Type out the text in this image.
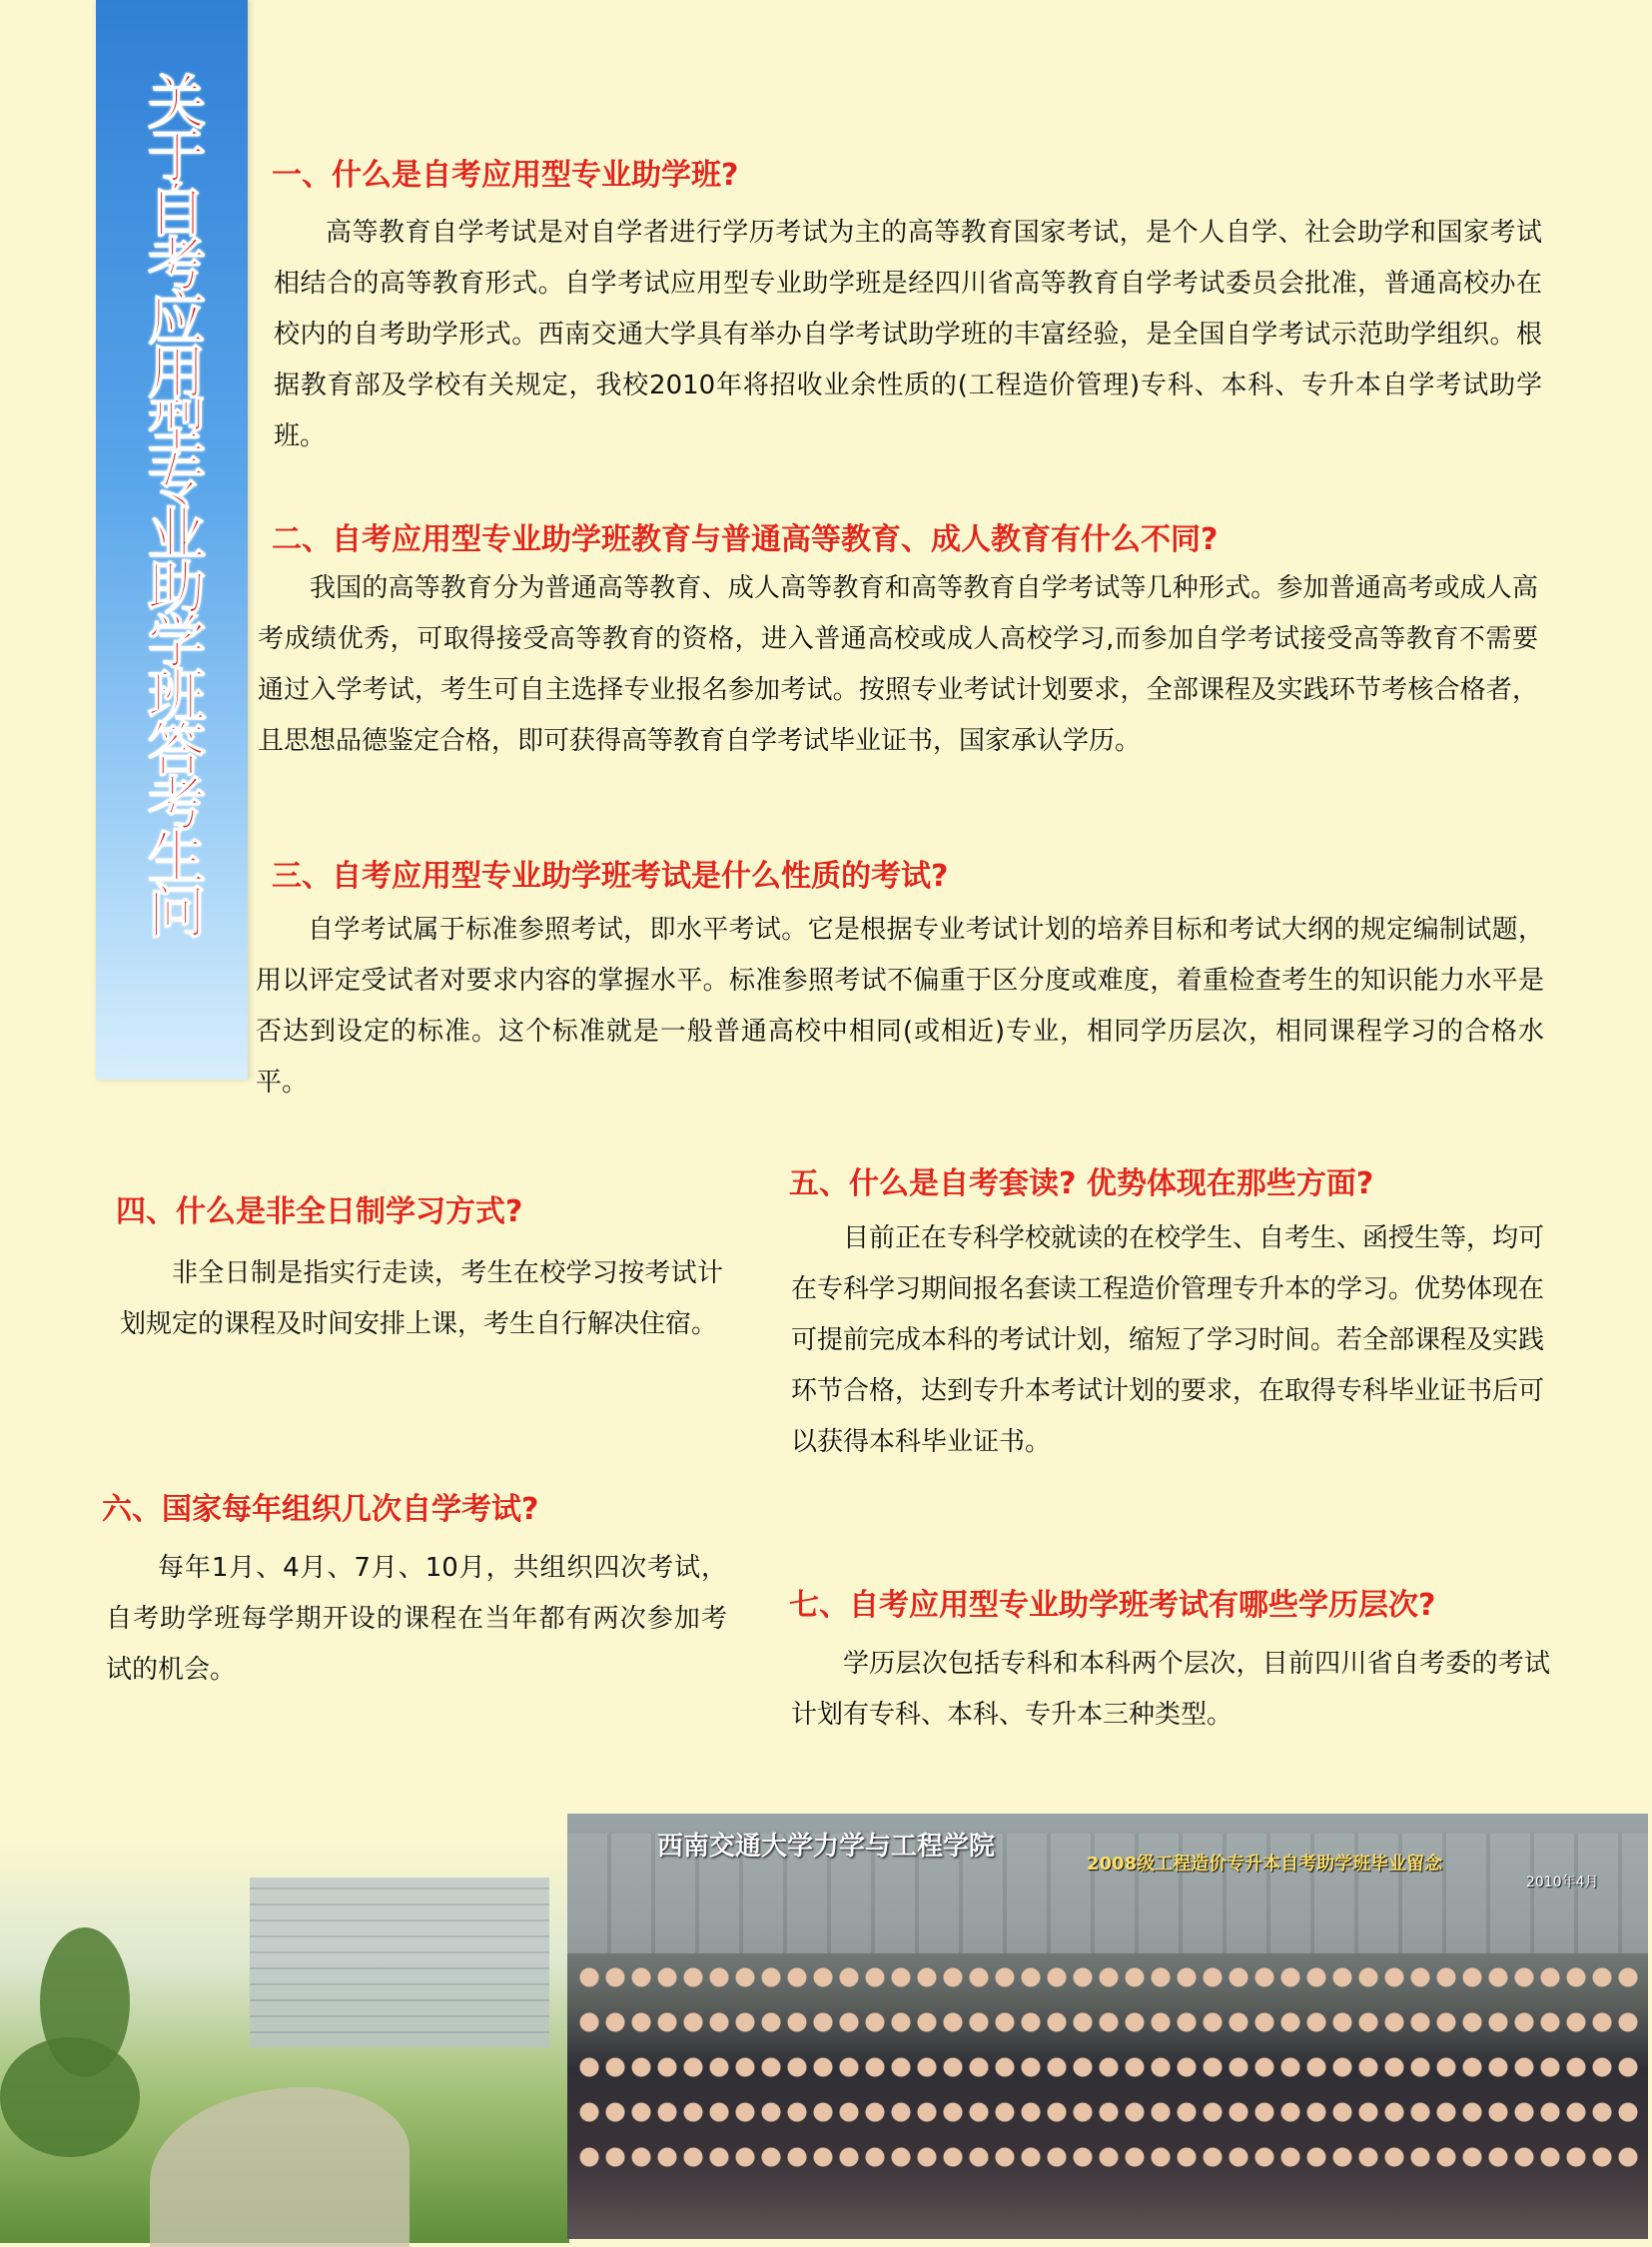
关于自考应用型专业助学班答考生问	一、什么是自考应用型专业助学班?

高等教育自学考试是对自学者进行学历考试为主的高等教育国家考试，是个人自学、社会助学和国家考试相结合的高等教育形式。自学考试应用型专业助学班是经四川省高等教育自学考试委员会批准，普通高校办在校内的自考助学形式。西南交通大学具有举办自学考试助学班的丰富经验，是全国自学考试示范助学组织。根据教育部及学校有关规定，我校2010年将招收业余性质的(工程造价管理)专科、本科、专升本自学考试助学班。

二、自考应用型专业助学班教育与普通高等教育、成人教育有什么不同?

我国的高等教育分为普通高等教育、成人高等教育和高等教育自学考试等几种形式。参加普通高考或成人高考成绩优秀，可取得接受高等教育的资格，进入普通高校或成人高校学习,而参加自学考试接受高等教育不需要通过入学考试，考生可自主选择专业报名参加考试。按照专业考试计划要求，全部课程及实践环节考核合格者，且思想品德鉴定合格，即可获得高等教育自学考试毕业证书，国家承认学历。

三、自考应用型专业助学班考试是什么性质的考试?

自学考试属于标准参照考试，即水平考试。它是根据专业考试计划的培养目标和考试大纲的规定编制试题，用以评定受试者对要求内容的掌握水平。标准参照考试不偏重于区分度或难度，着重检查考生的知识能力水平是否达到设定的标准。这个标准就是一般普通高校中相同(或相近)专业，相同学历层次，相同课程学习的合格水平。

四、什么是非全日制学习方式?

非全日制是指实行走读，考生在校学习按考试计划规定的课程及时间安排上课，考生自行解决住宿。

五、什么是自考套读? 优势体现在那些方面?

目前正在专科学校就读的在校学生、自考生、函授生等，均可在专科学习期间报名套读工程造价管理专升本的学习。优势体现在可提前完成本科的考试计划，缩短了学习时间。若全部课程及实践环节合格，达到专升本考试计划的要求，在取得专科毕业证书后可以获得本科毕业证书。

六、国家每年组织几次自学考试?

每年1月、4月、7月、10月，共组织四次考试，自考助学班每学期开设的课程在当年都有两次参加考试的机会。

七、自考应用型专业助学班考试有哪些学历层次?

学历层次包括专科和本科两个层次，目前四川省自考委的考试计划有专科、本科、专升本三种类型。

西南交通大学力学与工程学院

2008级工程造价专升本自考助学班毕业留念

2010年4月
